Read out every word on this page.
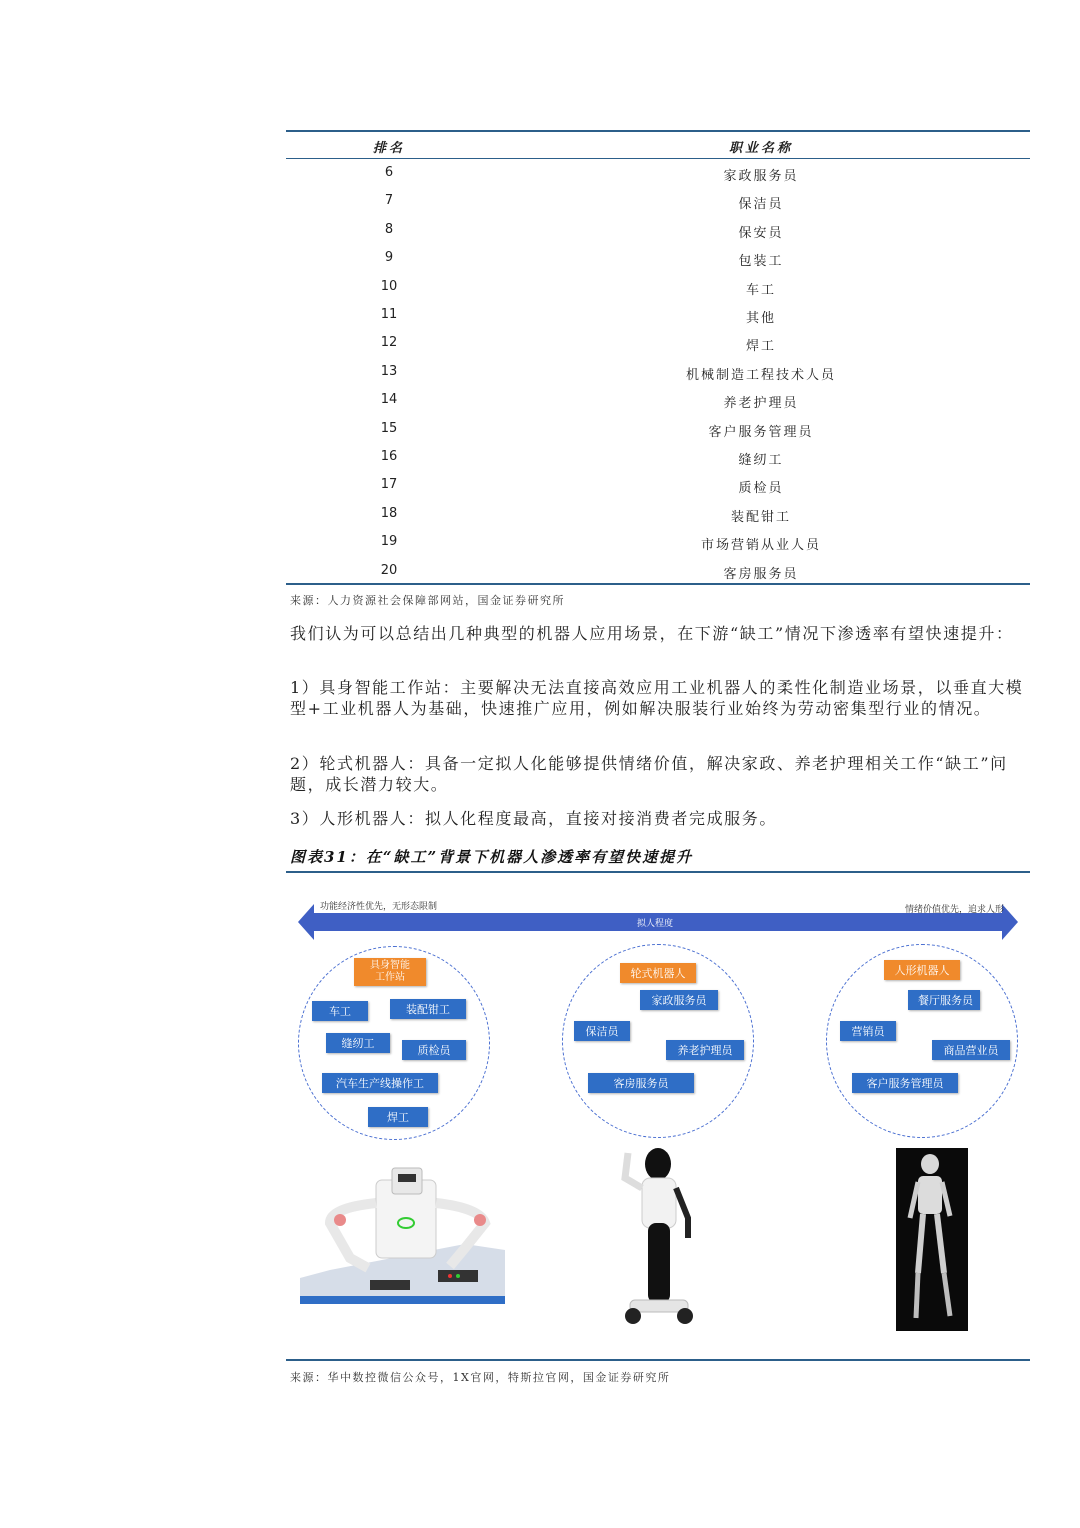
排名	职业名称
6	家政服务员
7	保洁员
8	保安员
9	包装工
10	车工
11	其他
12	焊工
13	机械制造工程技术人员
14	养老护理员
15	客户服务管理员
16	缝纫工
17	质检员
18	装配钳工
19	市场营销从业人员
20	客房服务员
来源：人力资源社会保障部网站，国金证券研究所
我们认为可以总结出几种典型的机器人应用场景，在下游“缺工”情况下渗透率有望快速提升：
1）具身智能工作站：主要解决无法直接高效应用工业机器人的柔性化制造业场景，以垂直大模型+工业机器人为基础，快速推广应用，例如解决服装行业始终为劳动密集型行业的情况。
2）轮式机器人：具备一定拟人化能够提供情绪价值，解决家政、养老护理相关工作“缺工”问题，成长潜力较大。
3）人形机器人：拟人化程度最高，直接对接消费者完成服务。
图表31：在“缺工”背景下机器人渗透率有望快速提升
功能经济性优先，无形态限制	情绪价值优先，追求人形
拟人程度
具身智能
工作站
车工	装配钳工
缝纫工
质检员
汽车生产线操作工
焊工
轮式机器人
家政服务员
保洁员
养老护理员
客房服务员
人形机器人
餐厅服务员
营销员
商品营业员
客户服务管理员
来源：华中数控微信公众号，1X官网，特斯拉官网，国金证券研究所
